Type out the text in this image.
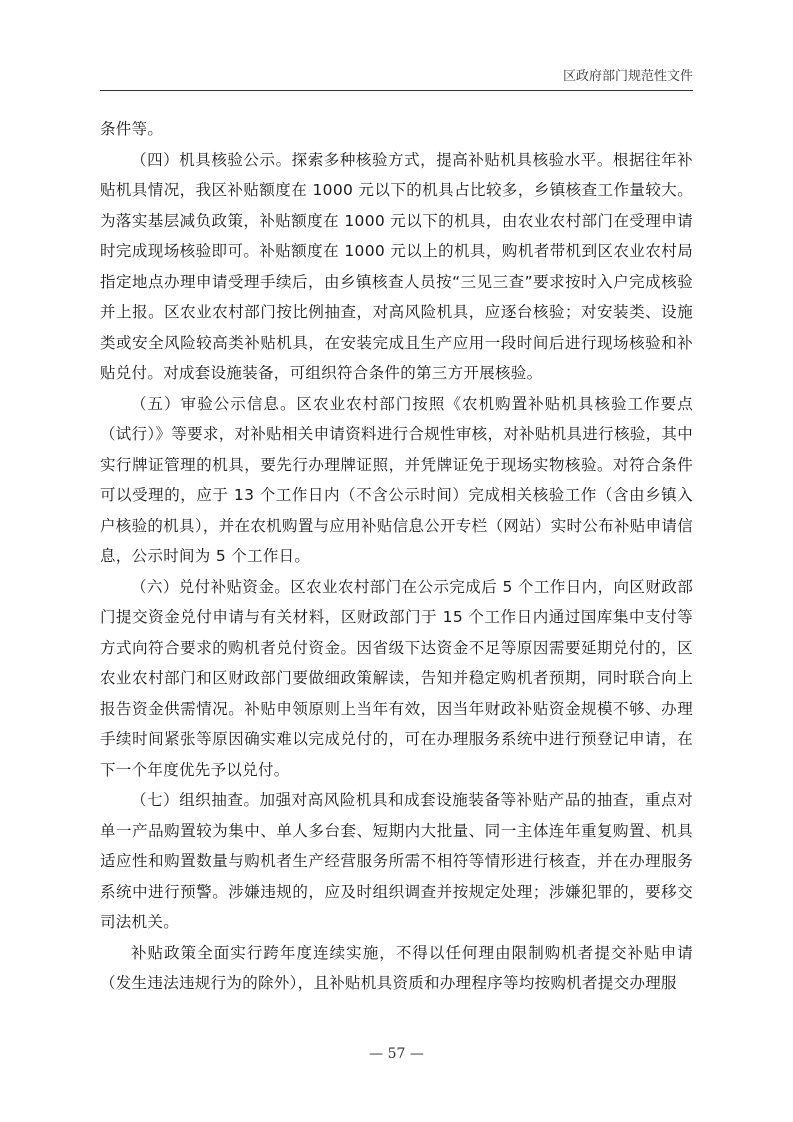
区政府部门规范性文件

条件等。

（四）机具核验公示。探索多种核验方式，提高补贴机具核验水平。根据往年补贴机具情况，我区补贴额度在 1000 元以下的机具占比较多，乡镇核查工作量较大。为落实基层减负政策，补贴额度在 1000 元以下的机具，由农业农村部门在受理申请时完成现场核验即可。补贴额度在 1000 元以上的机具，购机者带机到区农业农村局指定地点办理申请受理手续后，由乡镇核查人员按“三见三查”要求按时入户完成核验并上报。区农业农村部门按比例抽查，对高风险机具，应逐台核验；对安装类、设施类或安全风险较高类补贴机具，在安装完成且生产应用一段时间后进行现场核验和补贴兑付。对成套设施装备，可组织符合条件的第三方开展核验。

（五）审验公示信息。区农业农村部门按照《农机购置补贴机具核验工作要点（试行）》等要求，对补贴相关申请资料进行合规性审核，对补贴机具进行核验，其中实行牌证管理的机具，要先行办理牌证照，并凭牌证免于现场实物核验。对符合条件可以受理的，应于 13 个工作日内（不含公示时间）完成相关核验工作（含由乡镇入户核验的机具），并在农机购置与应用补贴信息公开专栏（网站）实时公布补贴申请信息，公示时间为 5 个工作日。

（六）兑付补贴资金。区农业农村部门在公示完成后 5 个工作日内，向区财政部门提交资金兑付申请与有关材料，区财政部门于 15 个工作日内通过国库集中支付等方式向符合要求的购机者兑付资金。因省级下达资金不足等原因需要延期兑付的，区农业农村部门和区财政部门要做细政策解读，告知并稳定购机者预期，同时联合向上报告资金供需情况。补贴申领原则上当年有效，因当年财政补贴资金规模不够、办理手续时间紧张等原因确实难以完成兑付的，可在办理服务系统中进行预登记申请，在下一个年度优先予以兑付。

（七）组织抽查。加强对高风险机具和成套设施装备等补贴产品的抽查，重点对单一产品购置较为集中、单人多台套、短期内大批量、同一主体连年重复购置、机具适应性和购置数量与购机者生产经营服务所需不相符等情形进行核查，并在办理服务系统中进行预警。涉嫌违规的，应及时组织调查并按规定处理；涉嫌犯罪的，要移交司法机关。

补贴政策全面实行跨年度连续实施，不得以任何理由限制购机者提交补贴申请（发生违法违规行为的除外），且补贴机具资质和办理程序等均按购机者提交办理服

— 57 —
